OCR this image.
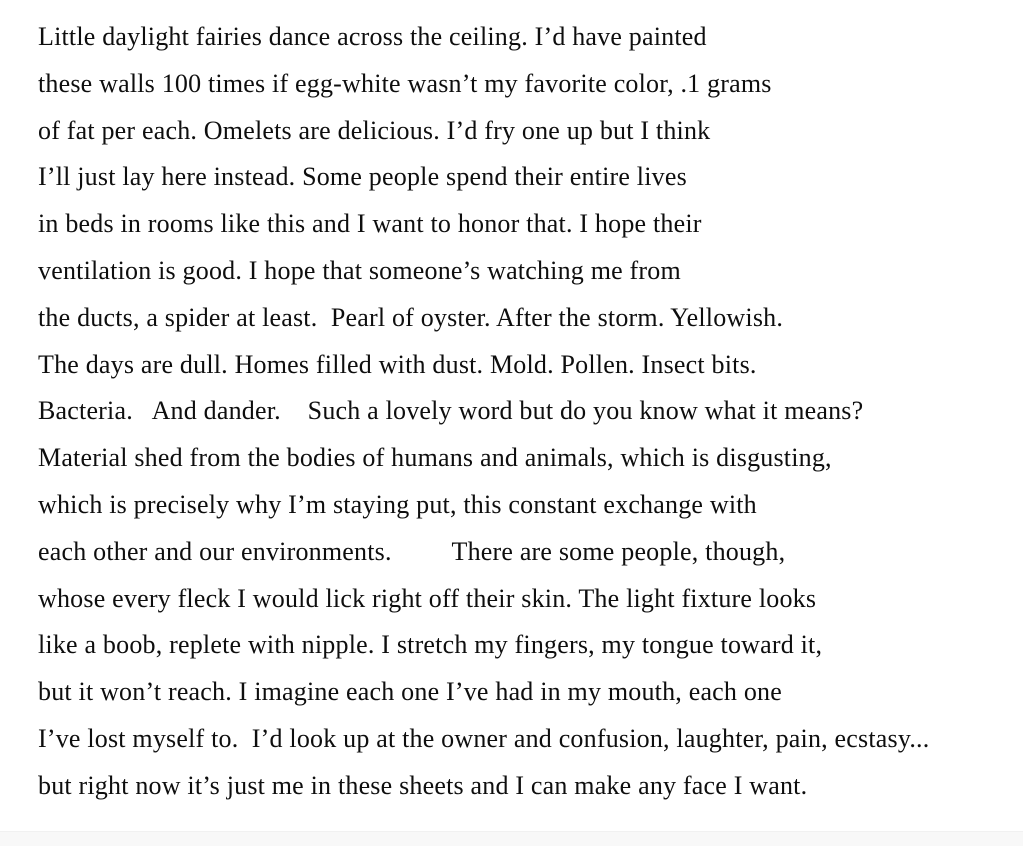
Little daylight fairies dance across the ceiling. I’d have painted
these walls 100 times if egg-white wasn’t my favorite color, .1 grams
of fat per each. Omelets are delicious. I’d fry one up but I think
I’ll just lay here instead. Some people spend their entire lives
in beds in rooms like this and I want to honor that. I hope their
ventilation is good. I hope that someone’s watching me from
the ducts, a spider at least.  Pearl of oyster. After the storm. Yellowish.
The days are dull. Homes filled with dust. Mold. Pollen. Insect bits.
Bacteria.   And dander.    Such a lovely word but do you know what it means?
Material shed from the bodies of humans and animals, which is disgusting,
which is precisely why I’m staying put, this constant exchange with
each other and our environments.         There are some people, though,
whose every fleck I would lick right off their skin. The light fixture looks
like a boob, replete with nipple. I stretch my fingers, my tongue toward it,
but it won’t reach. I imagine each one I’ve had in my mouth, each one
I’ve lost myself to.  I’d look up at the owner and confusion, laughter, pain, ecstasy...
but right now it’s just me in these sheets and I can make any face I want.
